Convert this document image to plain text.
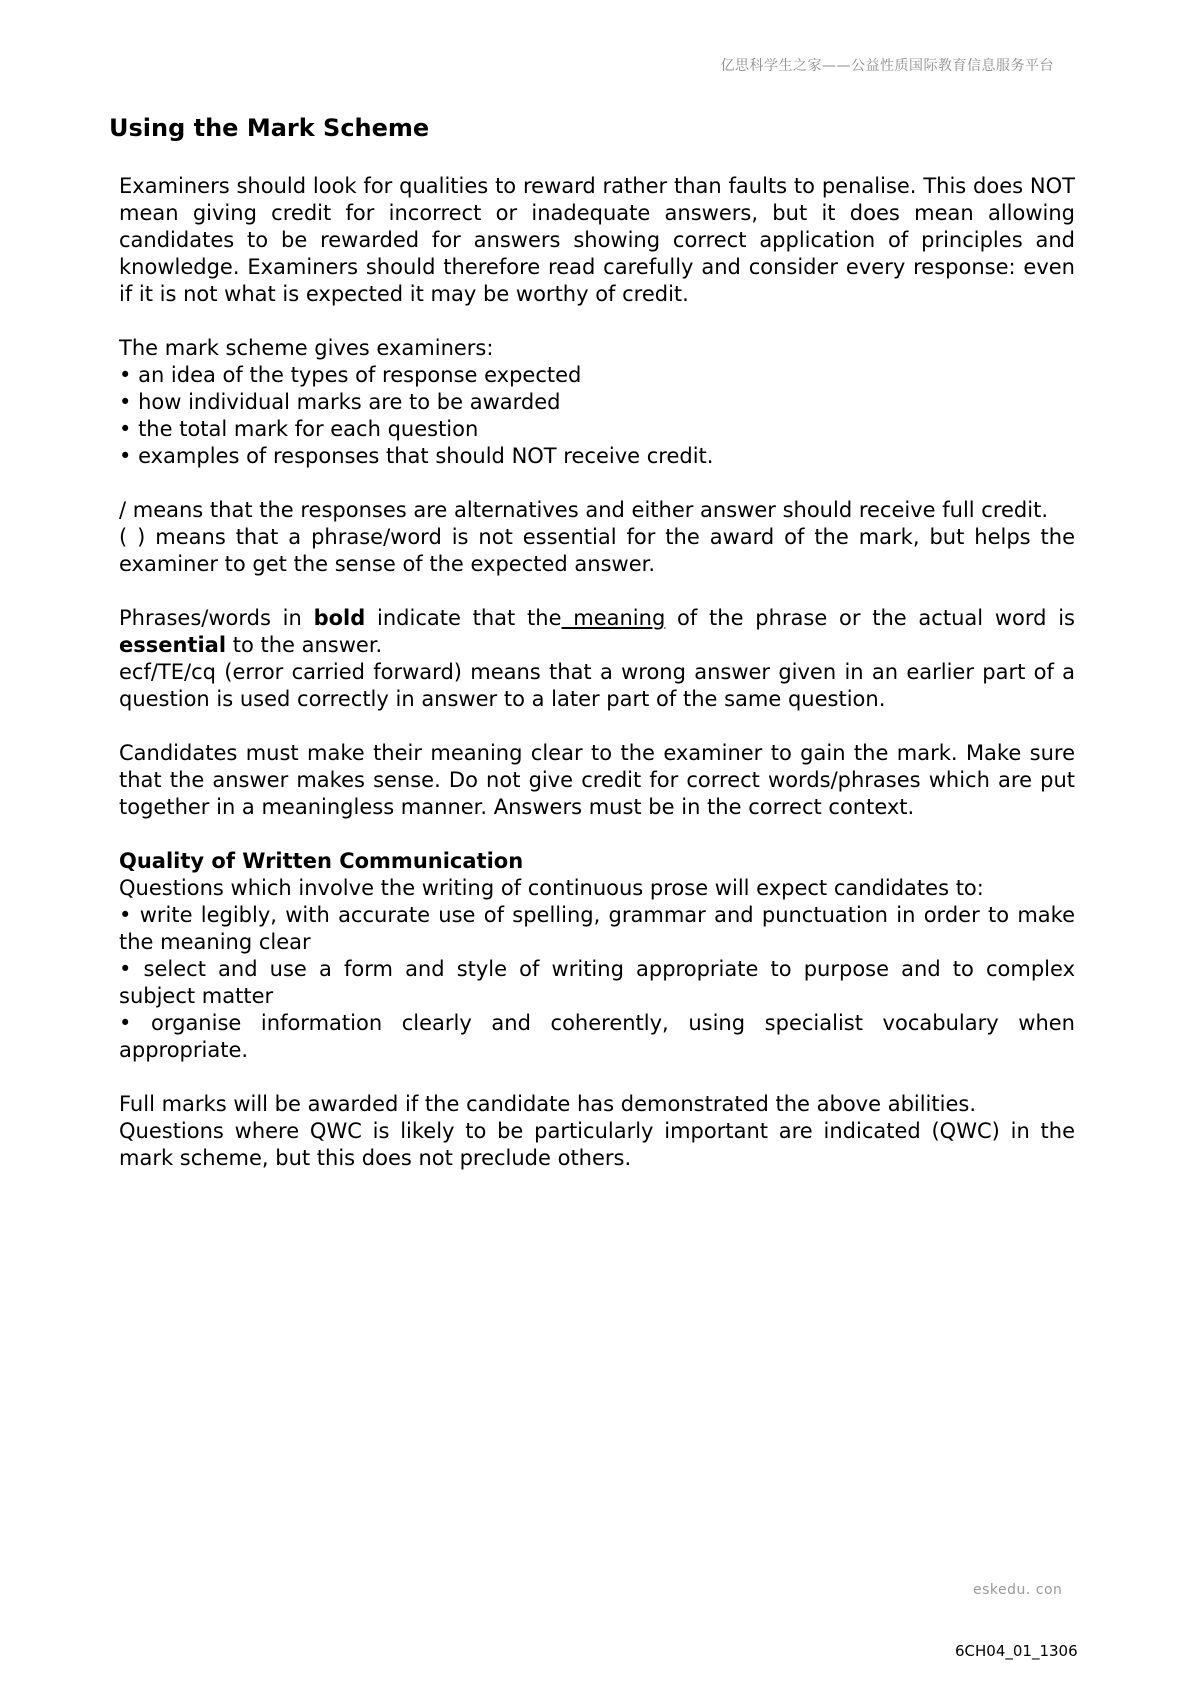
亿思科学生之家——公益性质国际教育信息服务平台
Using the Mark Scheme

Examiners should look for qualities to reward rather than faults to penalise. This does NOT mean giving credit for incorrect or inadequate answers, but it does mean allowing candidates to be rewarded for answers showing correct application of principles and knowledge. Examiners should therefore read carefully and consider every response: even if it is not what is expected it may be worthy of credit.

The mark scheme gives examiners:

• an idea of the types of response expected

• how individual marks are to be awarded

• the total mark for each question

• examples of responses that should NOT receive credit.

/ means that the responses are alternatives and either answer should receive full credit.

( ) means that a phrase/word is not essential for the award of the mark, but helps the examiner to get the sense of the expected answer.

Phrases/words in bold indicate that the meaning of the phrase or the actual word is essential to the answer.

ecf/TE/cq (error carried forward) means that a wrong answer given in an earlier part of a question is used correctly in answer to a later part of the same question.

Candidates must make their meaning clear to the examiner to gain the mark. Make sure that the answer makes sense. Do not give credit for correct words/phrases which are put together in a meaningless manner. Answers must be in the correct context.

Quality of Written Communication

Questions which involve the writing of continuous prose will expect candidates to:

• write legibly, with accurate use of spelling, grammar and punctuation in order to make the meaning clear

• select and use a form and style of writing appropriate to purpose and to complex subject matter

• organise information clearly and coherently, using specialist vocabulary when appropriate.

Full marks will be awarded if the candidate has demonstrated the above abilities.

Questions where QWC is likely to be particularly important are indicated (QWC) in the mark scheme, but this does not preclude others.

eskedu. con
6CH04_01_1306
